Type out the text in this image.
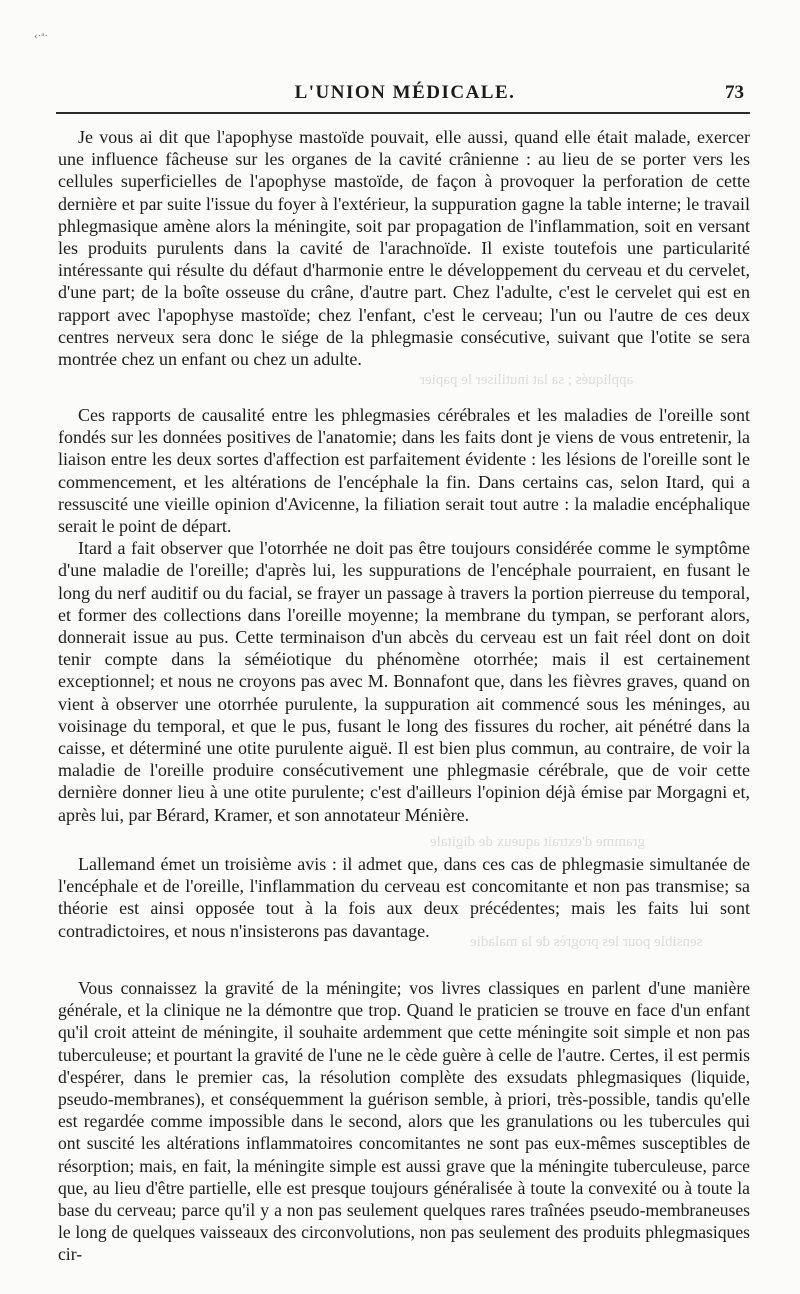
‹·ᵃ·
appliqués ; sa lat inutiliser le papier
gramme d'extrait aqueux de digitale
sensible pour les progrès de la maladie
L'UNION MÉDICALE.	73

Je vous ai dit que l'apophyse mastoïde pouvait, elle aussi, quand elle était malade, exercer une influence fâcheuse sur les organes de la cavité crânienne : au lieu de se porter vers les cellules superficielles de l'apophyse mastoïde, de façon à provoquer la perforation de cette dernière et par suite l'issue du foyer à l'extérieur, la suppuration gagne la table interne; le travail phlegmasique amène alors la méningite, soit par propagation de l'inflammation, soit en versant les produits purulents dans la cavité de l'arachnoïde. Il existe toutefois une particularité intéressante qui résulte du défaut d'harmonie entre le développement du cerveau et du cervelet, d'une part; de la boîte osseuse du crâne, d'autre part. Chez l'adulte, c'est le cervelet qui est en rapport avec l'apophyse mastoïde; chez l'enfant, c'est le cerveau; l'un ou l'autre de ces deux centres nerveux sera donc le siége de la phlegmasie consécutive, suivant que l'otite se sera montrée chez un enfant ou chez un adulte.

Ces rapports de causalité entre les phlegmasies cérébrales et les maladies de l'oreille sont fondés sur les données positives de l'anatomie; dans les faits dont je viens de vous entretenir, la liaison entre les deux sortes d'affection est parfaitement évidente : les lésions de l'oreille sont le commencement, et les altérations de l'encéphale la fin. Dans certains cas, selon Itard, qui a ressuscité une vieille opinion d'Avicenne, la filiation serait tout autre : la maladie encéphalique serait le point de départ.

Itard a fait observer que l'otorrhée ne doit pas être toujours considérée comme le symptôme d'une maladie de l'oreille; d'après lui, les suppurations de l'encéphale pourraient, en fusant le long du nerf auditif ou du facial, se frayer un passage à travers la portion pierreuse du temporal, et former des collections dans l'oreille moyenne; la membrane du tympan, se perforant alors, donnerait issue au pus. Cette terminaison d'un abcès du cerveau est un fait réel dont on doit tenir compte dans la séméiotique du phénomène otorrhée; mais il est certainement exceptionnel; et nous ne croyons pas avec M. Bonnafont que, dans les fièvres graves, quand on vient à observer une otorrhée purulente, la suppuration ait commencé sous les méninges, au voisinage du temporal, et que le pus, fusant le long des fissures du rocher, ait pénétré dans la caisse, et déterminé une otite purulente aiguë. Il est bien plus commun, au contraire, de voir la maladie de l'oreille produire consécutivement une phlegmasie cérébrale, que de voir cette dernière donner lieu à une otite purulente; c'est d'ailleurs l'opinion déjà émise par Morgagni et, après lui, par Bérard, Kramer, et son annotateur Ménière.

Lallemand émet un troisième avis : il admet que, dans ces cas de phlegmasie simultanée de l'encéphale et de l'oreille, l'inflammation du cerveau est concomitante et non pas transmise; sa théorie est ainsi opposée tout à la fois aux deux précédentes; mais les faits lui sont contradictoires, et nous n'insisterons pas davantage.

Vous connaissez la gravité de la méningite; vos livres classiques en parlent d'une manière générale, et la clinique ne la démontre que trop. Quand le praticien se trouve en face d'un enfant qu'il croit atteint de méningite, il souhaite ardemment que cette méningite soit simple et non pas tuberculeuse; et pourtant la gravité de l'une ne le cède guère à celle de l'autre. Certes, il est permis d'espérer, dans le premier cas, la résolution complète des exsudats phlegmasiques (liquide, pseudo-membranes), et conséquemment la guérison semble, à priori, très-possible, tandis qu'elle est regardée comme impossible dans le second, alors que les granulations ou les tubercules qui ont suscité les altérations inflammatoires concomitantes ne sont pas eux-mêmes susceptibles de résorption; mais, en fait, la méningite simple est aussi grave que la méningite tuberculeuse, parce que, au lieu d'être partielle, elle est presque toujours généralisée à toute la convexité ou à toute la base du cerveau; parce qu'il y a non pas seulement quelques rares traînées pseudo-membraneuses le long de quelques vaisseaux des circonvolutions, non pas seulement des produits phlegmasiques cir-
